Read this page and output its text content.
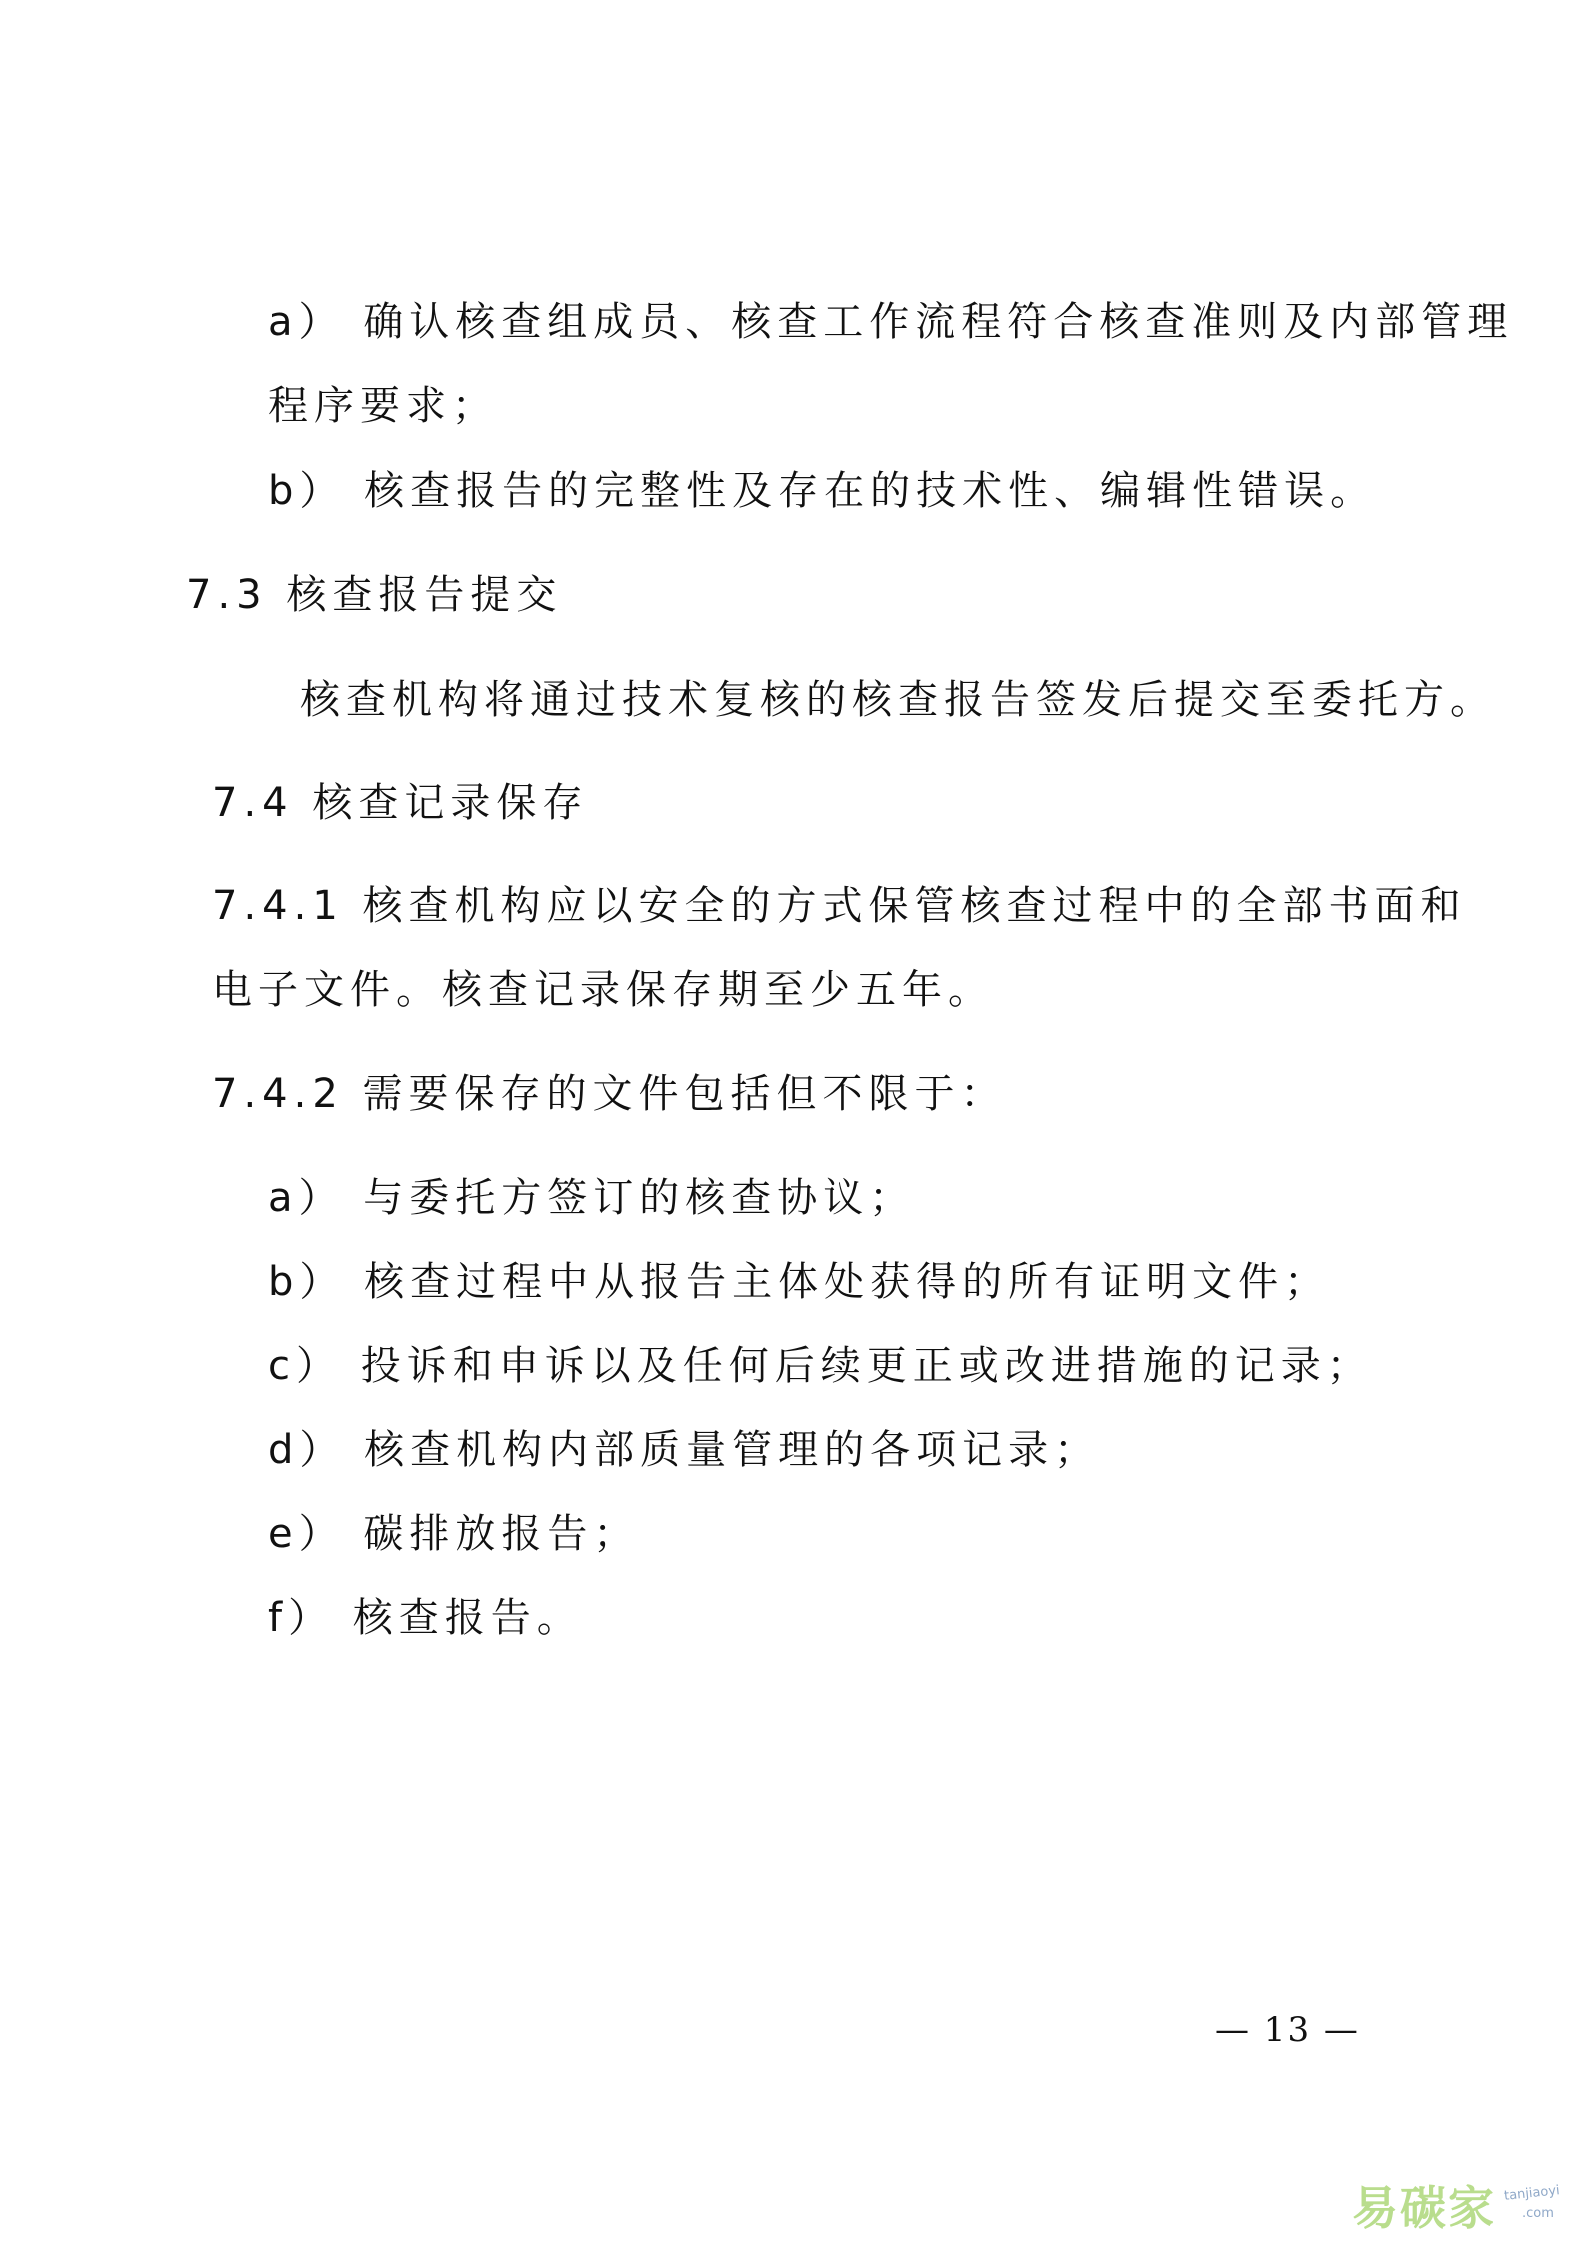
a） 确认核查组成员、核查工作流程符合核查准则及内部管理
程序要求；
b） 核查报告的完整性及存在的技术性、编辑性错误。
7.3 核查报告提交
核查机构将通过技术复核的核查报告签发后提交至委托方。
7.4 核查记录保存
7.4.1 核查机构应以安全的方式保管核查过程中的全部书面和
电子文件。核查记录保存期至少五年。
7.4.2 需要保存的文件包括但不限于：
a） 与委托方签订的核查协议；
b） 核查过程中从报告主体处获得的所有证明文件；
c） 投诉和申诉以及任何后续更正或改进措施的记录；
d） 核查机构内部质量管理的各项记录；
e） 碳排放报告；
f） 核查报告。
— 13 —
易碳家 tanjiaoyi
.com
